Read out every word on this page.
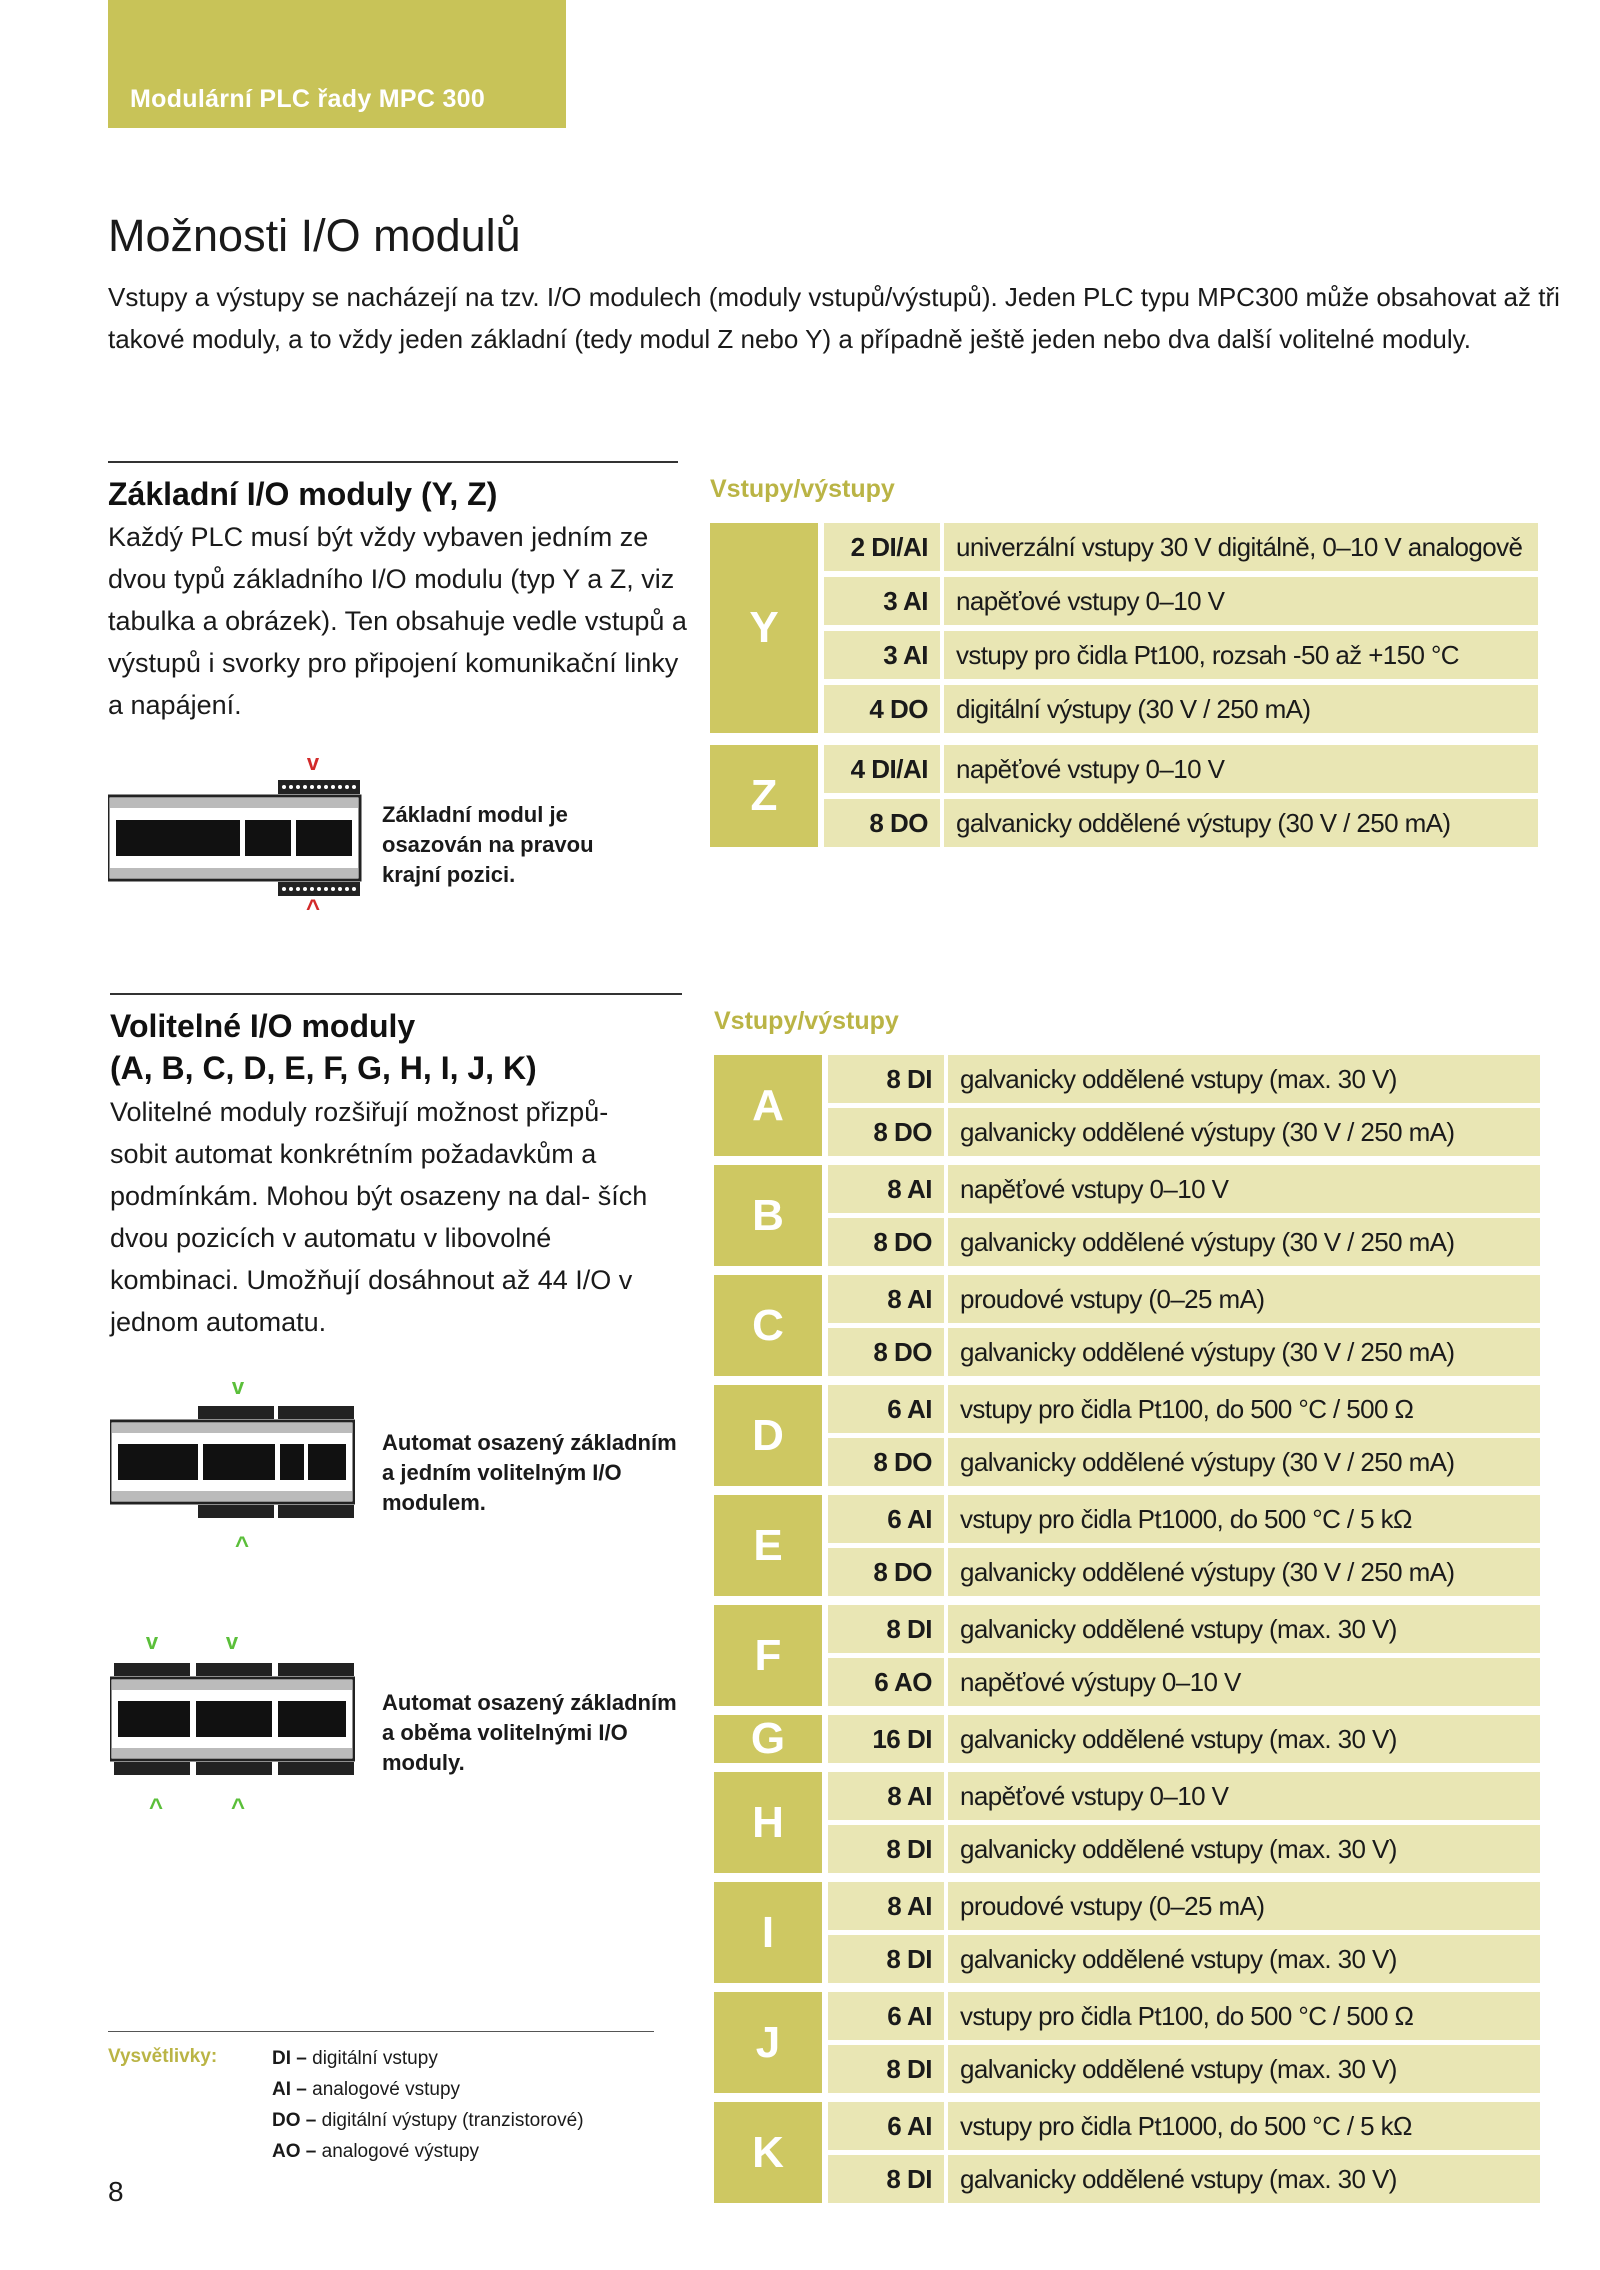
Modulární PLC řady MPC 300
Možnosti I/O modulů

Vstupy a výstupy se nacházejí na tzv. I/O modulech (moduly vstupů/výstupů). Jeden PLC typu MPC300 může obsahovat až tři takové moduly, a to vždy jeden základní (tedy modul Z nebo Y) a případně ještě jeden nebo dva další volitelné moduly.

Základní I/O moduly (Y, Z)

Každý PLC musí být vždy vybaven jedním ze dvou typů základního I/O modulu (typ Y a Z, viz tabulka a obrázek). Ten obsahuje vedle vstupů a výstupů i svorky pro připojení komunikační linky a napájení.

v
^

Základní modul je osazován na pravou krajní pozici.

Vstupy/výstupy
Y
2 DI/AI	univerzální vstupy 30 V digitálně, 0–10 V analogově
3 AI	napěťové vstupy 0–10 V
3 AI	vstupy pro čidla Pt100, rozsah -50 až +150 °C
4 DO	digitální výstupy (30 V / 250 mA)
Z
4 DI/AI	napěťové vstupy 0–10 V
8 DO	galvanicky oddělené výstupy (30 V / 250 mA)
Volitelné I/O moduly
(A, B, C, D, E, F, G, H, I, J, K)

Volitelné moduly rozšiřují možnost přizpů- sobit automat konkrétním požadavkům a podmínkám. Mohou být osazeny na dal- ších dvou pozicích v automatu v libovolné kombinaci. Umožňují dosáhnout až 44 I/O v jednom automatu.

v
^

Automat osazený základním a jedním volitelným I/O modulem.

v	v
^	^

Automat osazený základním a oběma volitelnými I/O moduly.

Vstupy/výstupy
A
8 DI	galvanicky oddělené vstupy (max. 30 V)
8 DO	galvanicky oddělené výstupy (30 V / 250 mA)
B
8 AI	napěťové vstupy 0–10 V
8 DO	galvanicky oddělené výstupy (30 V / 250 mA)
C
8 AI	proudové vstupy (0–25 mA)
8 DO	galvanicky oddělené výstupy (30 V / 250 mA)
D
6 AI	vstupy pro čidla Pt100, do 500 °C / 500 Ω
8 DO	galvanicky oddělené výstupy (30 V / 250 mA)
E
6 AI	vstupy pro čidla Pt1000, do 500 °C / 5 kΩ
8 DO	galvanicky oddělené výstupy (30 V / 250 mA)
F
8 DI	galvanicky oddělené vstupy (max. 30 V)
6 AO	napěťové výstupy 0–10 V
G	16 DI	galvanicky oddělené vstupy (max. 30 V)
H
8 AI	napěťové vstupy 0–10 V
8 DI	galvanicky oddělené vstupy (max. 30 V)
I
8 AI	proudové vstupy (0–25 mA)
8 DI	galvanicky oddělené vstupy (max. 30 V)
J
6 AI	vstupy pro čidla Pt100, do 500 °C / 500 Ω
8 DI	galvanicky oddělené vstupy (max. 30 V)
K
6 AI	vstupy pro čidla Pt1000, do 500 °C / 5 kΩ
8 DI	galvanicky oddělené vstupy (max. 30 V)
Vysvětlivky:	DI – digitální vstupy
AI – analogové vstupy
DO – digitální výstupy (tranzistorové)
AO – analogové výstupy
8
